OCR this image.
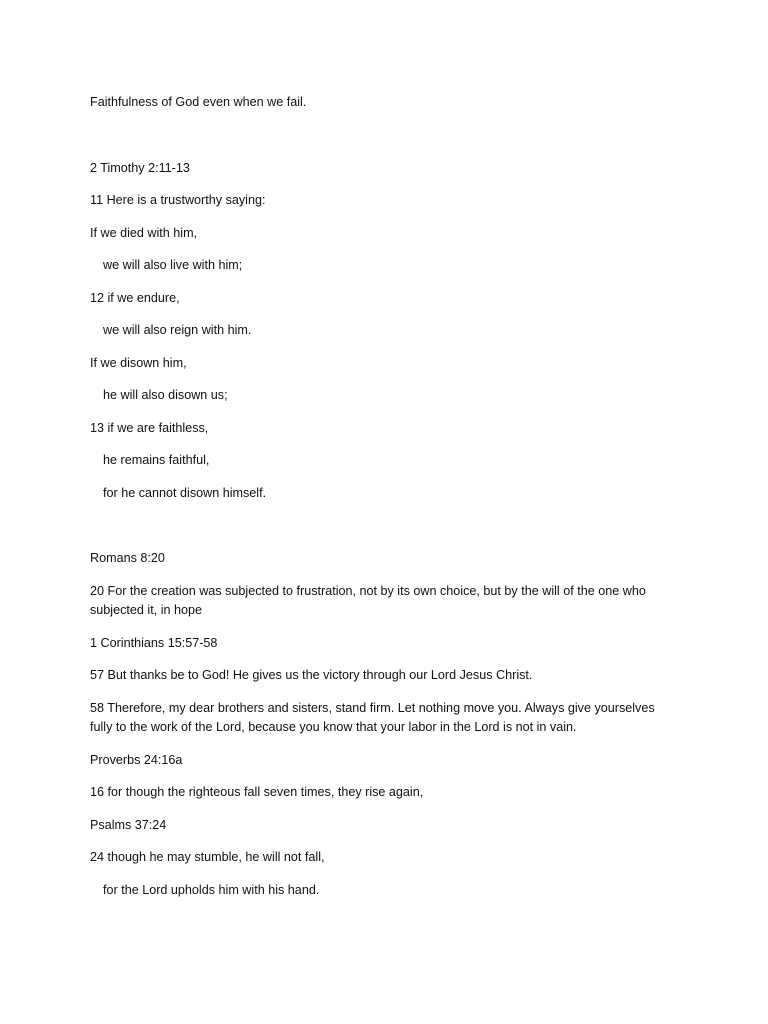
Faithfulness of God even when we fail.

2 Timothy 2:11-13

11 Here is a trustworthy saying:

If we died with him,

we will also live with him;

12 if we endure,

we will also reign with him.

If we disown him,

he will also disown us;

13 if we are faithless,

he remains faithful,

for he cannot disown himself.

Romans 8:20

20 For the creation was subjected to frustration, not by its own choice, but by the will of the one who subjected it, in hope

1 Corinthians 15:57-58

57 But thanks be to God! He gives us the victory through our Lord Jesus Christ.

58 Therefore, my dear brothers and sisters, stand firm. Let nothing move you. Always give yourselves fully to the work of the Lord, because you know that your labor in the Lord is not in vain.

Proverbs 24:16a

16 for though the righteous fall seven times, they rise again,

Psalms 37:24

24 though he may stumble, he will not fall,

for the Lord upholds him with his hand.
